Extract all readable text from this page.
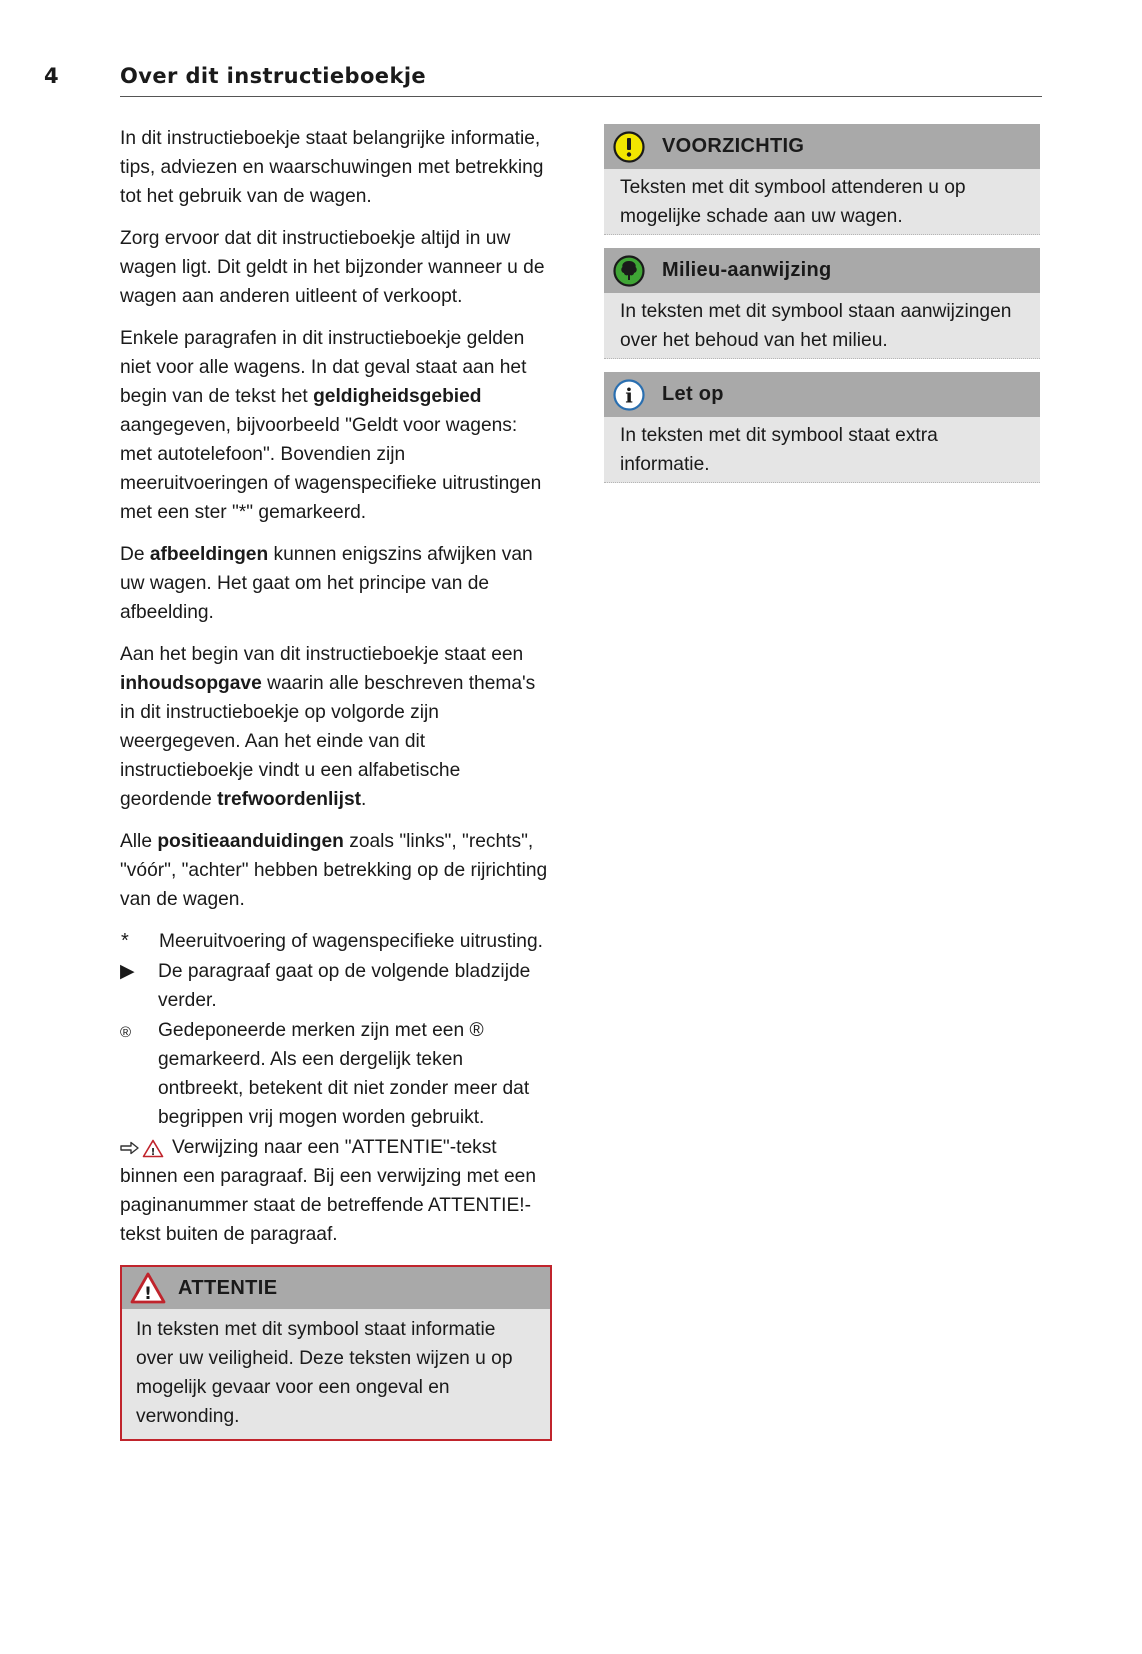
4	Over dit instructieboekje

In dit instructieboekje staat belangrijke informatie, tips, adviezen en waarschuwingen met betrekking tot het gebruik van de wagen.

Zorg ervoor dat dit instructieboekje altijd in uw wagen ligt. Dit geldt in het bijzonder wanneer u de wagen aan anderen uitleent of verkoopt.

Enkele paragrafen in dit instructieboekje gelden niet voor alle wagens. In dat geval staat aan het begin van de tekst het geldigheidsgebied aangegeven, bijvoorbeeld "Geldt voor wagens: met autotelefoon". Bovendien zijn meeruitvoeringen of wagenspecifieke uitrustingen met een ster "*" gemarkeerd.

De afbeeldingen kunnen enigszins afwijken van uw wagen. Het gaat om het principe van de afbeelding.

Aan het begin van dit instructieboekje staat een inhoudsopgave waarin alle beschreven thema's in dit instructieboekje op volgorde zijn weergegeven. Aan het einde van dit instructieboekje vindt u een alfabetische geordende trefwoordenlijst.

Alle positieaanduidingen zoals "links", "rechts", "vóór", "achter" hebben betrekking op de rijrichting van de wagen.

*	Meeruitvoering of wagenspecifieke uitrusting.
▶	De paragraaf gaat op de volgende bladzijde verder.
®	Gedeponeerde merken zijn met een ® gemarkeerd. Als een dergelijk teken ontbreekt, betekent dit niet zonder meer dat begrippen vrij mogen worden gebruikt.

! Verwijzing naar een "ATTENTIE"-tekst binnen een paragraaf. Bij een verwijzing met een paginanummer staat de betreffende ATTENTIE!-tekst buiten de paragraaf.

! ATTENTIE
In teksten met dit symbool staat informatie over uw veiligheid. Deze teksten wijzen u op mogelijk gevaar voor een ongeval en verwonding.
VOORZICHTIG
Teksten met dit symbool attenderen u op mogelijke schade aan uw wagen.
Milieu-aanwijzing
In teksten met dit symbool staan aanwijzingen over het behoud van het milieu.
i Let op
In teksten met dit symbool staat extra informatie.
